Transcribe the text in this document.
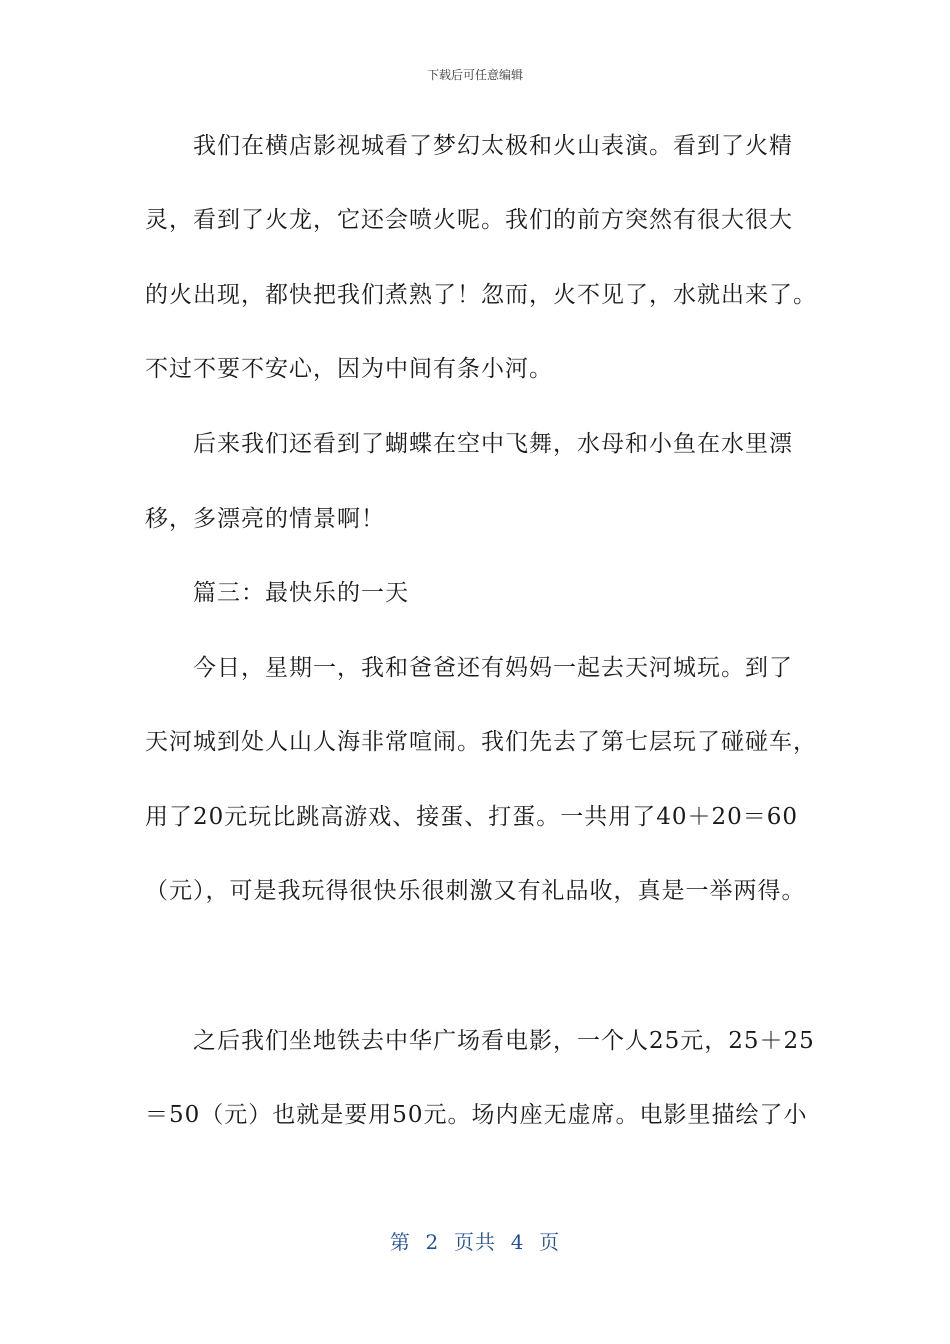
下载后可任意编辑
我们在横店影视城看了梦幻太极和火山表演。看到了火精
灵，看到了火龙，它还会喷火呢。我们的前方突然有很大很大
的火出现，都快把我们煮熟了！忽而，火不见了，水就出来了。
不过不要不安心，因为中间有条小河。
后来我们还看到了蝴蝶在空中飞舞，水母和小鱼在水里漂
移，多漂亮的情景啊！
篇三：最快乐的一天
今日，星期一，我和爸爸还有妈妈一起去天河城玩。到了
天河城到处人山人海非常喧闹。我们先去了第七层玩了碰碰车，
用了20元玩比跳高游戏、接蛋、打蛋。一共用了40＋20＝60
（元），可是我玩得很快乐很刺激又有礼品收，真是一举两得。
之后我们坐地铁去中华广场看电影，一个人25元，25＋25
＝50（元）也就是要用50元。场内座无虚席。电影里描绘了小
第  2  页共  4  页
